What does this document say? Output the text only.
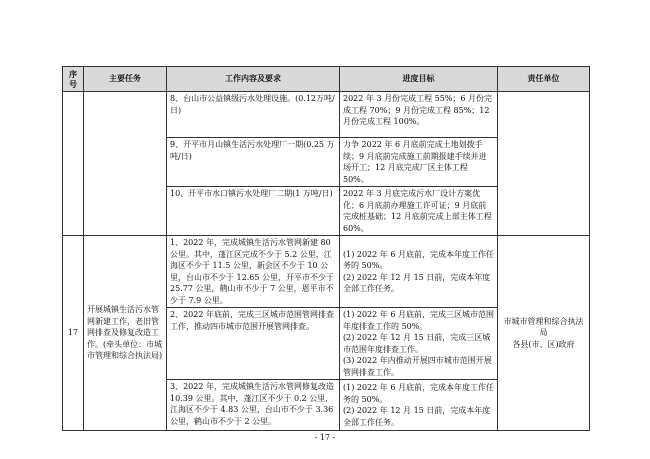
序
号	主要任务	工作内容及要求	进度目标	责任单位
		8、台山市公益镇级污水处理设施。(0.12万吨/日)	2022 年 3 月份完成工程 55%；6 月份完成工程 70%；9 月份完成工程 85%；12 月份完成工程 100%。	
		9、开平市月山镇生活污水处理厂一期(0.25 万吨/日)	力争 2022 年 6 月底前完成土地划拨手续；9 月底前完成施工前期报建手续并进场开工；12 月底完成厂区主体工程 50%。	
		10、开平市水口镇污水处理厂二期(1 万吨/日)	2022 年 3 月底完成污水厂设计方案优化；6 月底前办理施工许可证；9 月底前完成桩基础；12 月底前完成上部主体工程 60%。	
17	开展城镇生活污水管网新建工作，老旧管网排查及修复改造工作。(牵头单位：市城市管理和综合执法局)	1、2022 年，完成城镇生活污水管网新建 80 公里。其中，蓬江区完成不少于 5.2 公里，江海区不少于 11.5 公里，新会区不少于 10 公里，台山市不少于 12.65 公里，开平市不少于 25.77 公里，鹤山市不少于 7 公里，恩平市不少于 7.9 公里。	(1) 2022 年 6 月底前，完成本年度工作任务的 50%。
(2) 2022 年 12 月 15 日前，完成本年度全部工作任务。	市城市管理和综合执法局
各县(市、区)政府
		2、2022 年底前，完成三区城市范围管网排查工作，推动四市城市范围开展管网排查。	(1) 2022 年 6 月底前，完成三区城市范围年度排查工作的 50%。
(2) 2022 年 12 月 15 日前，完成三区城市范围年度排查工作。
(3) 2022 年内推动开展四市城市范围开展管网排查工作。	
		3、2022 年，完成城镇生活污水管网修复改造 10.39 公里。其中，蓬江区不少于 0.2 公里，江海区不少于 4.83 公里，台山市不少于 3.36 公里，鹤山市不少于 2 公里。	(1) 2022 年 6 月底前，完成本年度工作任务的 50%。
(2) 2022 年 12 月 15 日前，完成本年度全部工作任务。	
- 17 -
